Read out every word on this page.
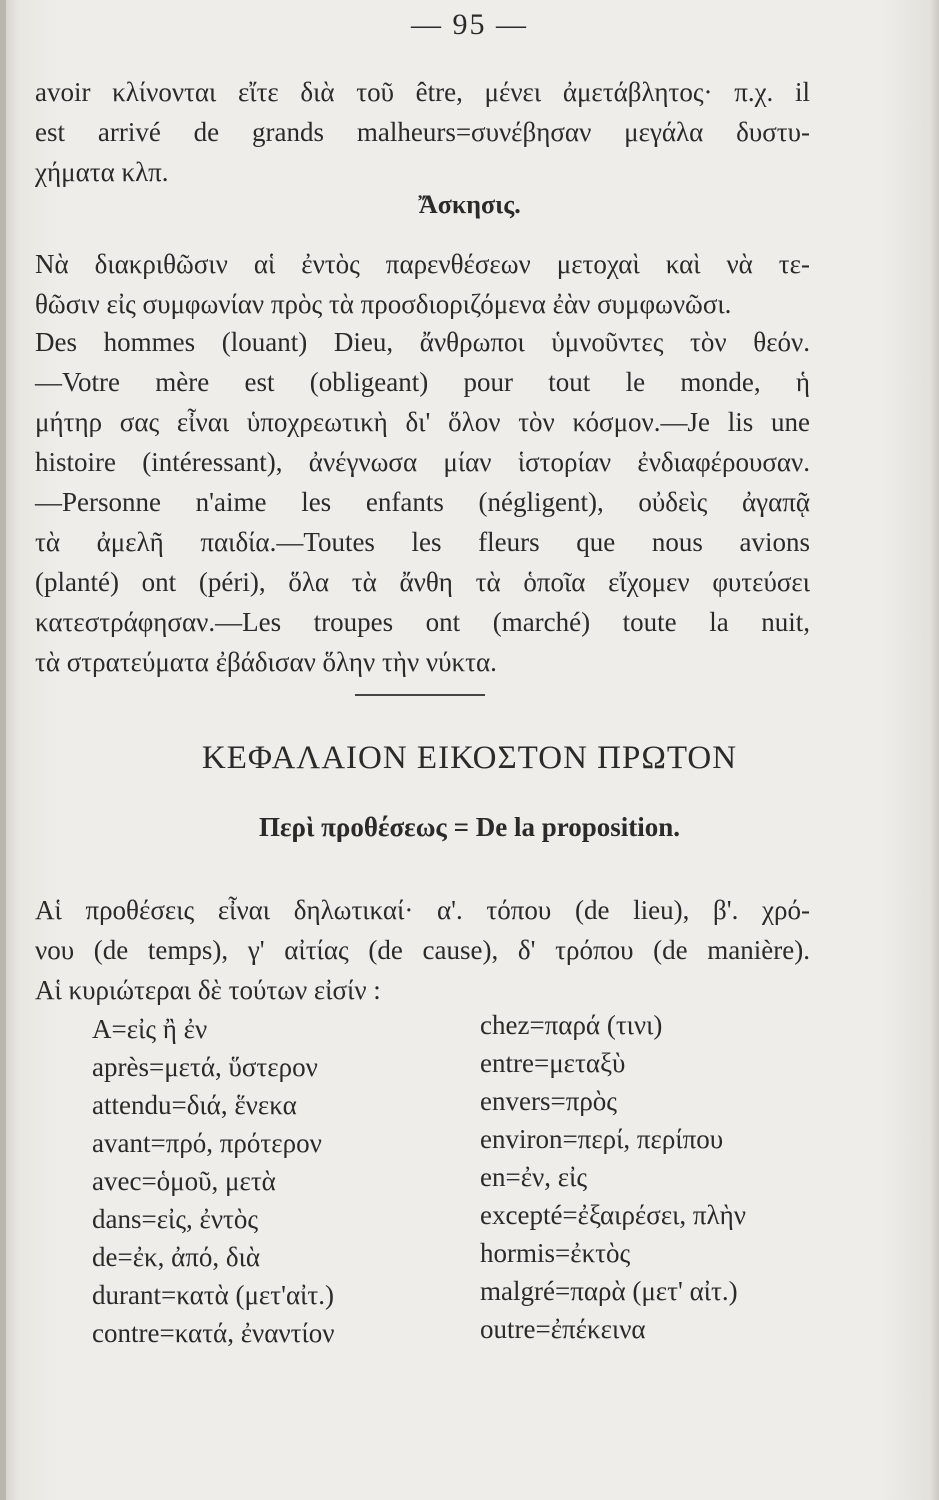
— 95 —
avoir κλίνονται εἴτε διὰ τοῦ être, μένει ἀμετάβλητος· π.χ. il
est arrivé de grands malheurs=συνέβησαν μεγάλα δυστυ-
χήματα κλπ.
Ἄσκησις.
Νὰ διακριθῶσιν αἱ ἐντὸς παρενθέσεων μετοχαὶ καὶ νὰ τε-
θῶσιν εἰς συμφωνίαν πρὸς τὰ προσδιοριζόμενα ἐὰν συμφωνῶσι.
Des hommes (louant) Dieu, ἄνθρωποι ὑμνοῦντες τὸν θεόν.
—Votre mère est (obligeant) pour tout le monde, ἡ
μήτηρ σας εἶναι ὑποχρεωτικὴ δι' ὅλον τὸν κόσμον.—Je lis une
histoire (intéressant), ἀνέγνωσα μίαν ἱστορίαν ἐνδιαφέρουσαν.
—Personne n'aime les enfants (négligent), οὐδεὶς ἀγαπᾷ
τὰ ἀμελῆ παιδία.—Toutes les fleurs que nous avions
(planté) ont (péri), ὅλα τὰ ἄνθη τὰ ὁποῖα εἴχομεν φυτεύσει
κατεστράφησαν.—Les troupes ont (marché) toute la nuit,
τὰ στρατεύματα ἐβάδισαν ὅλην τὴν νύκτα.
ΚΕΦΑΛΑΙΟΝ ΕΙΚΟΣΤΟΝ ΠΡΩΤΟΝ
Περὶ προθέσεως = De la proposition.
Αἱ προθέσεις εἶναι δηλωτικαί· α'. τόπου (de lieu), β'. χρό-
νου (de temps), γ' αἰτίας (de cause), δ' τρόπου (de manière).
Αἱ κυριώτεραι δὲ τούτων εἰσίν :
A=εἰς ἢ ἐν
après=μετά, ὕστερον
attendu=διά, ἕνεκα
avant=πρό, πρότερον
avec=ὁμοῦ, μετὰ
dans=εἰς, ἐντὸς
de=ἐκ, ἀπό, διὰ
durant=κατὰ (μετ'αἰτ.)
contre=κατά, ἐναντίον
chez=παρά (τινι)
entre=μεταξὺ
envers=πρὸς
environ=περί, περίπου
en=ἐν, εἰς
excepté=ἐξαιρέσει, πλὴν
hormis=ἐκτὸς
malgré=παρὰ (μετ' αἰτ.)
outre=ἐπέκεινα
